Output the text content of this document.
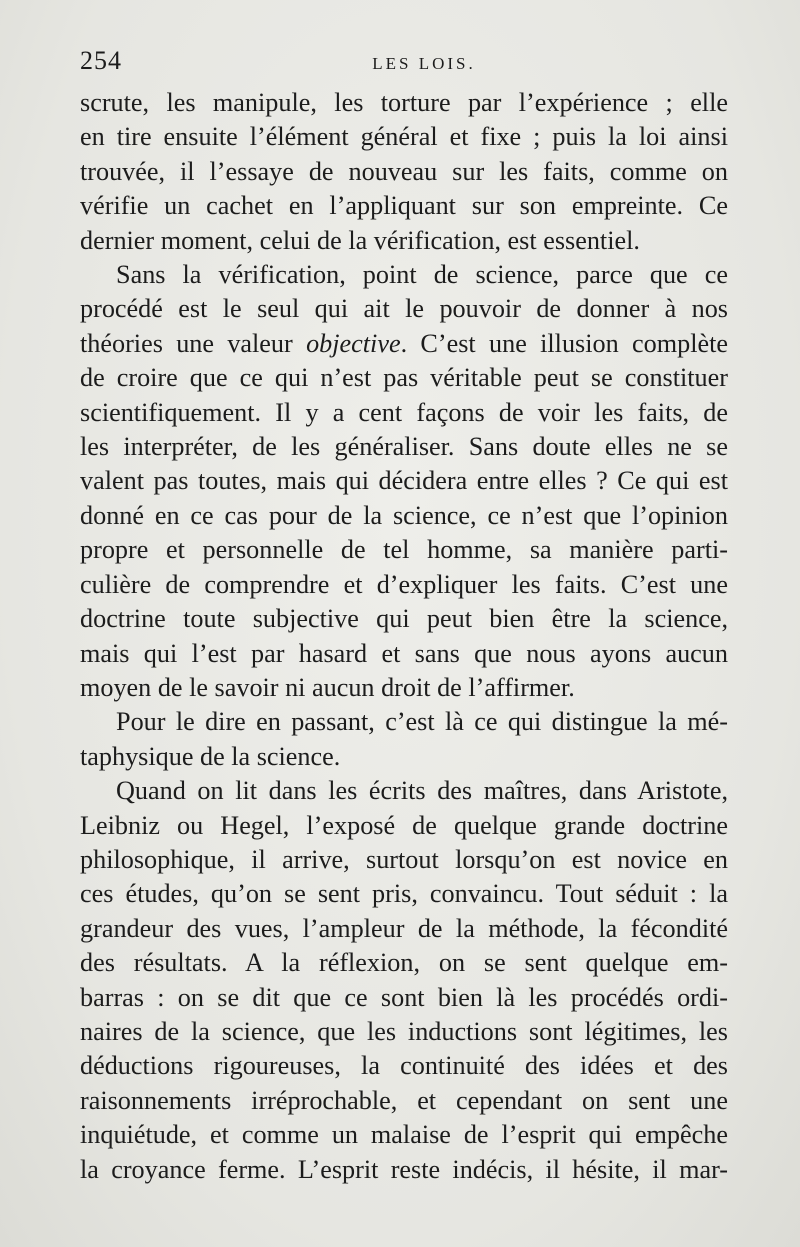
254	LES LOIS.
scrute, les manipule, les torture par l’expérience ; elle
en tire ensuite l’élément général et fixe ; puis la loi ainsi
trouvée, il l’essaye de nouveau sur les faits, comme on
vérifie un cachet en l’appliquant sur son empreinte. Ce
dernier moment, celui de la vérification, est essentiel.
Sans la vérification, point de science, parce que ce
procédé est le seul qui ait le pouvoir de donner à nos
théories une valeur objective. C’est une illusion complète
de croire que ce qui n’est pas véritable peut se constituer
scientifiquement. Il y a cent façons de voir les faits, de
les interpréter, de les généraliser. Sans doute elles ne se
valent pas toutes, mais qui décidera entre elles ? Ce qui est
donné en ce cas pour de la science, ce n’est que l’opinion
propre et personnelle de tel homme, sa manière parti-
culière de comprendre et d’expliquer les faits. C’est une
doctrine toute subjective qui peut bien être la science,
mais qui l’est par hasard et sans que nous ayons aucun
moyen de le savoir ni aucun droit de l’affirmer.
Pour le dire en passant, c’est là ce qui distingue la mé-
taphysique de la science.
Quand on lit dans les écrits des maîtres, dans Aristote,
Leibniz ou Hegel, l’exposé de quelque grande doctrine
philosophique, il arrive, surtout lorsqu’on est novice en
ces études, qu’on se sent pris, convaincu. Tout séduit : la
grandeur des vues, l’ampleur de la méthode, la fécondité
des résultats. A la réflexion, on se sent quelque em-
barras : on se dit que ce sont bien là les procédés ordi-
naires de la science, que les inductions sont légitimes, les
déductions rigoureuses, la continuité des idées et des
raisonnements irréprochable, et cependant on sent une
inquiétude, et comme un malaise de l’esprit qui empêche
la croyance ferme. L’esprit reste indécis, il hésite, il mar-
